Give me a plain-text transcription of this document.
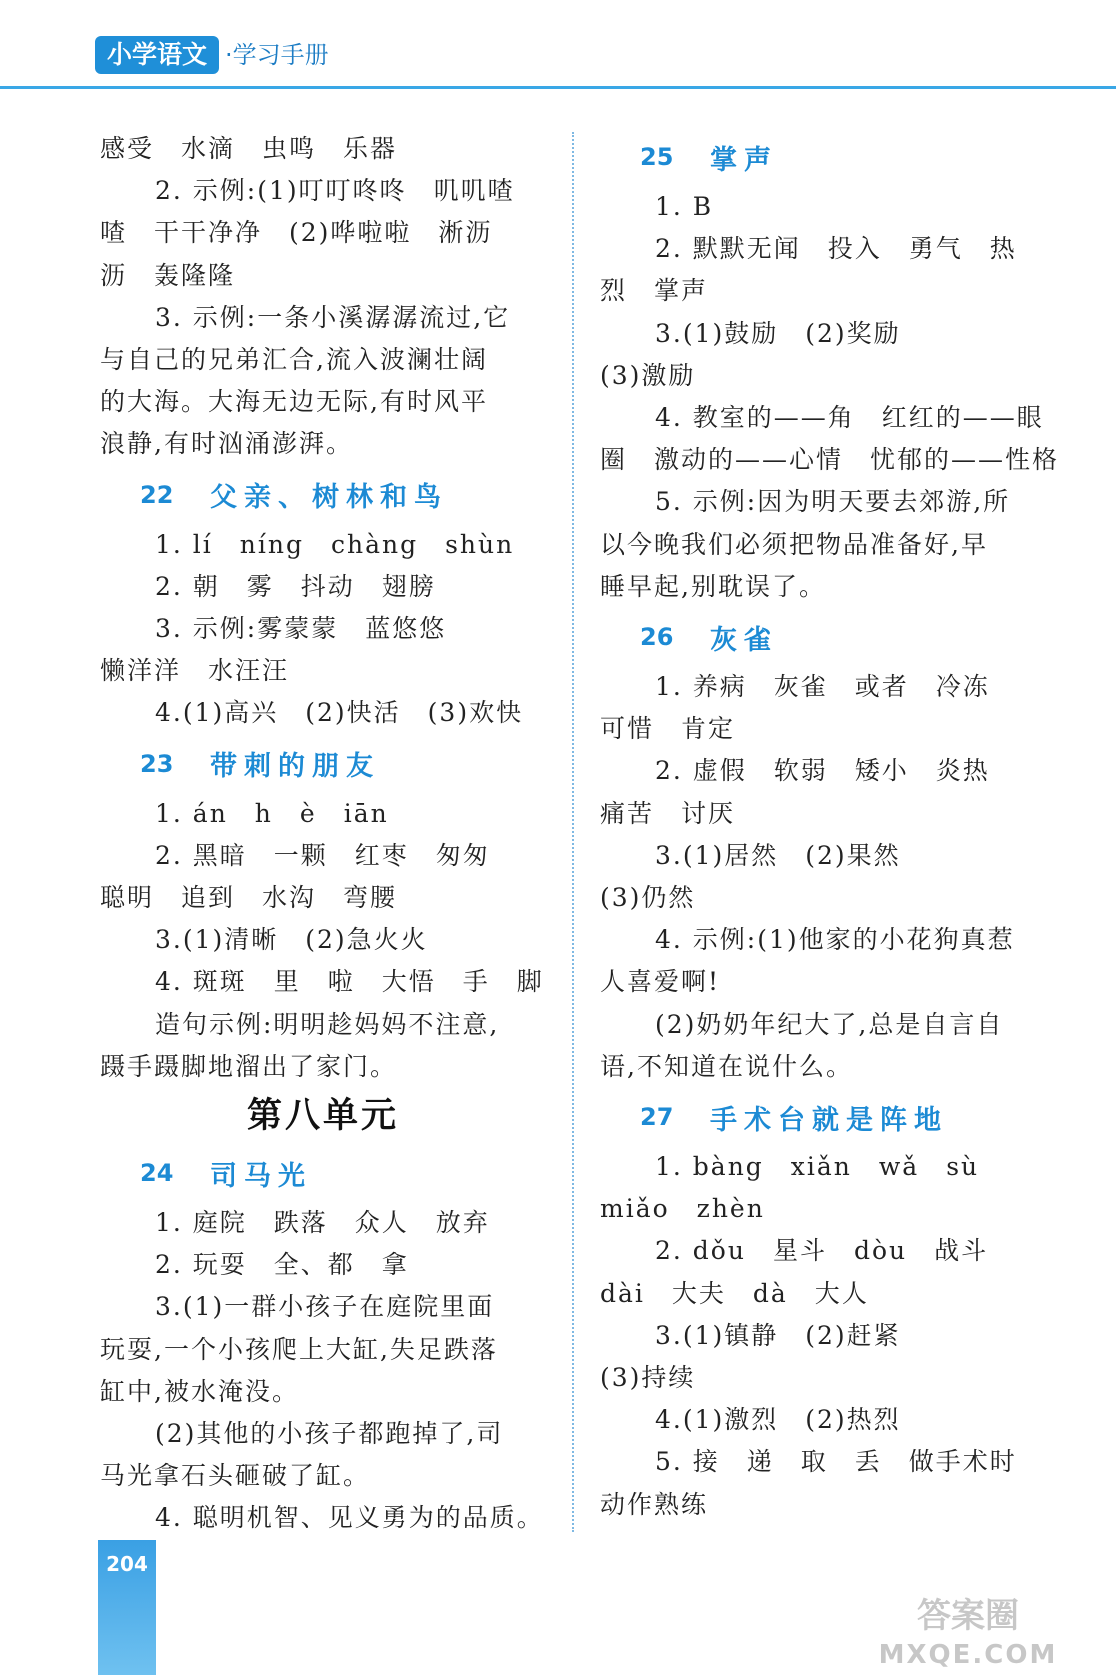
小学语文 ·学习手册
感受　水滴　虫鸣　乐器
2. 示例:(1)叮叮咚咚　叽叽喳
喳　干干净净　(2)哗啦啦　淅沥
沥　轰隆隆
3. 示例:一条小溪潺潺流过,它
与自己的兄弟汇合,流入波澜壮阔
的大海。大海无边无际,有时风平
浪静,有时汹涌澎湃。
22	父亲、树林和鸟
1. lí　níng　chàng　shùn
2. 朝　雾　抖动　翅膀
3. 示例:雾蒙蒙　蓝悠悠
懒洋洋　水汪汪
4.(1)高兴　(2)快活　(3)欢快
23	带刺的朋友
1. án　h　è　iān
2. 黑暗　一颗　红枣　匆匆
聪明　追到　水沟　弯腰
3.(1)清晰　(2)急火火
4. 斑斑　里　啦　大悟　手　脚
造句示例:明明趁妈妈不注意,
蹑手蹑脚地溜出了家门。
第八单元
24	司马光
1. 庭院　跌落　众人　放弃
2. 玩耍　全、都　拿
3.(1)一群小孩子在庭院里面
玩耍,一个小孩爬上大缸,失足跌落
缸中,被水淹没。
(2)其他的小孩子都跑掉了,司
马光拿石头砸破了缸。
4. 聪明机智、见义勇为的品质。
25	掌声
1. B
2. 默默无闻　投入　勇气　热
烈　掌声
3.(1)鼓励　(2)奖励
(3)激励
4. 教室的——角　红红的——眼
圈　激动的——心情　忧郁的——性格
5. 示例:因为明天要去郊游,所
以今晚我们必须把物品准备好,早
睡早起,别耽误了。
26	灰雀
1. 养病　灰雀　或者　冷冻
可惜　肯定
2. 虚假　软弱　矮小　炎热
痛苦　讨厌
3.(1)居然　(2)果然
(3)仍然
4. 示例:(1)他家的小花狗真惹
人喜爱啊!
(2)奶奶年纪大了,总是自言自
语,不知道在说什么。
27	手术台就是阵地
1. bàng　xiǎn　wǎ　sù
miǎo　zhèn
2. dǒu　星斗　dòu　战斗
dài　大夫　dà　大人
3.(1)镇静　(2)赶紧
(3)持续
4.(1)激烈　(2)热烈
5. 接　递　取　丢　做手术时
动作熟练
204
答案圈
MXQE.COM
